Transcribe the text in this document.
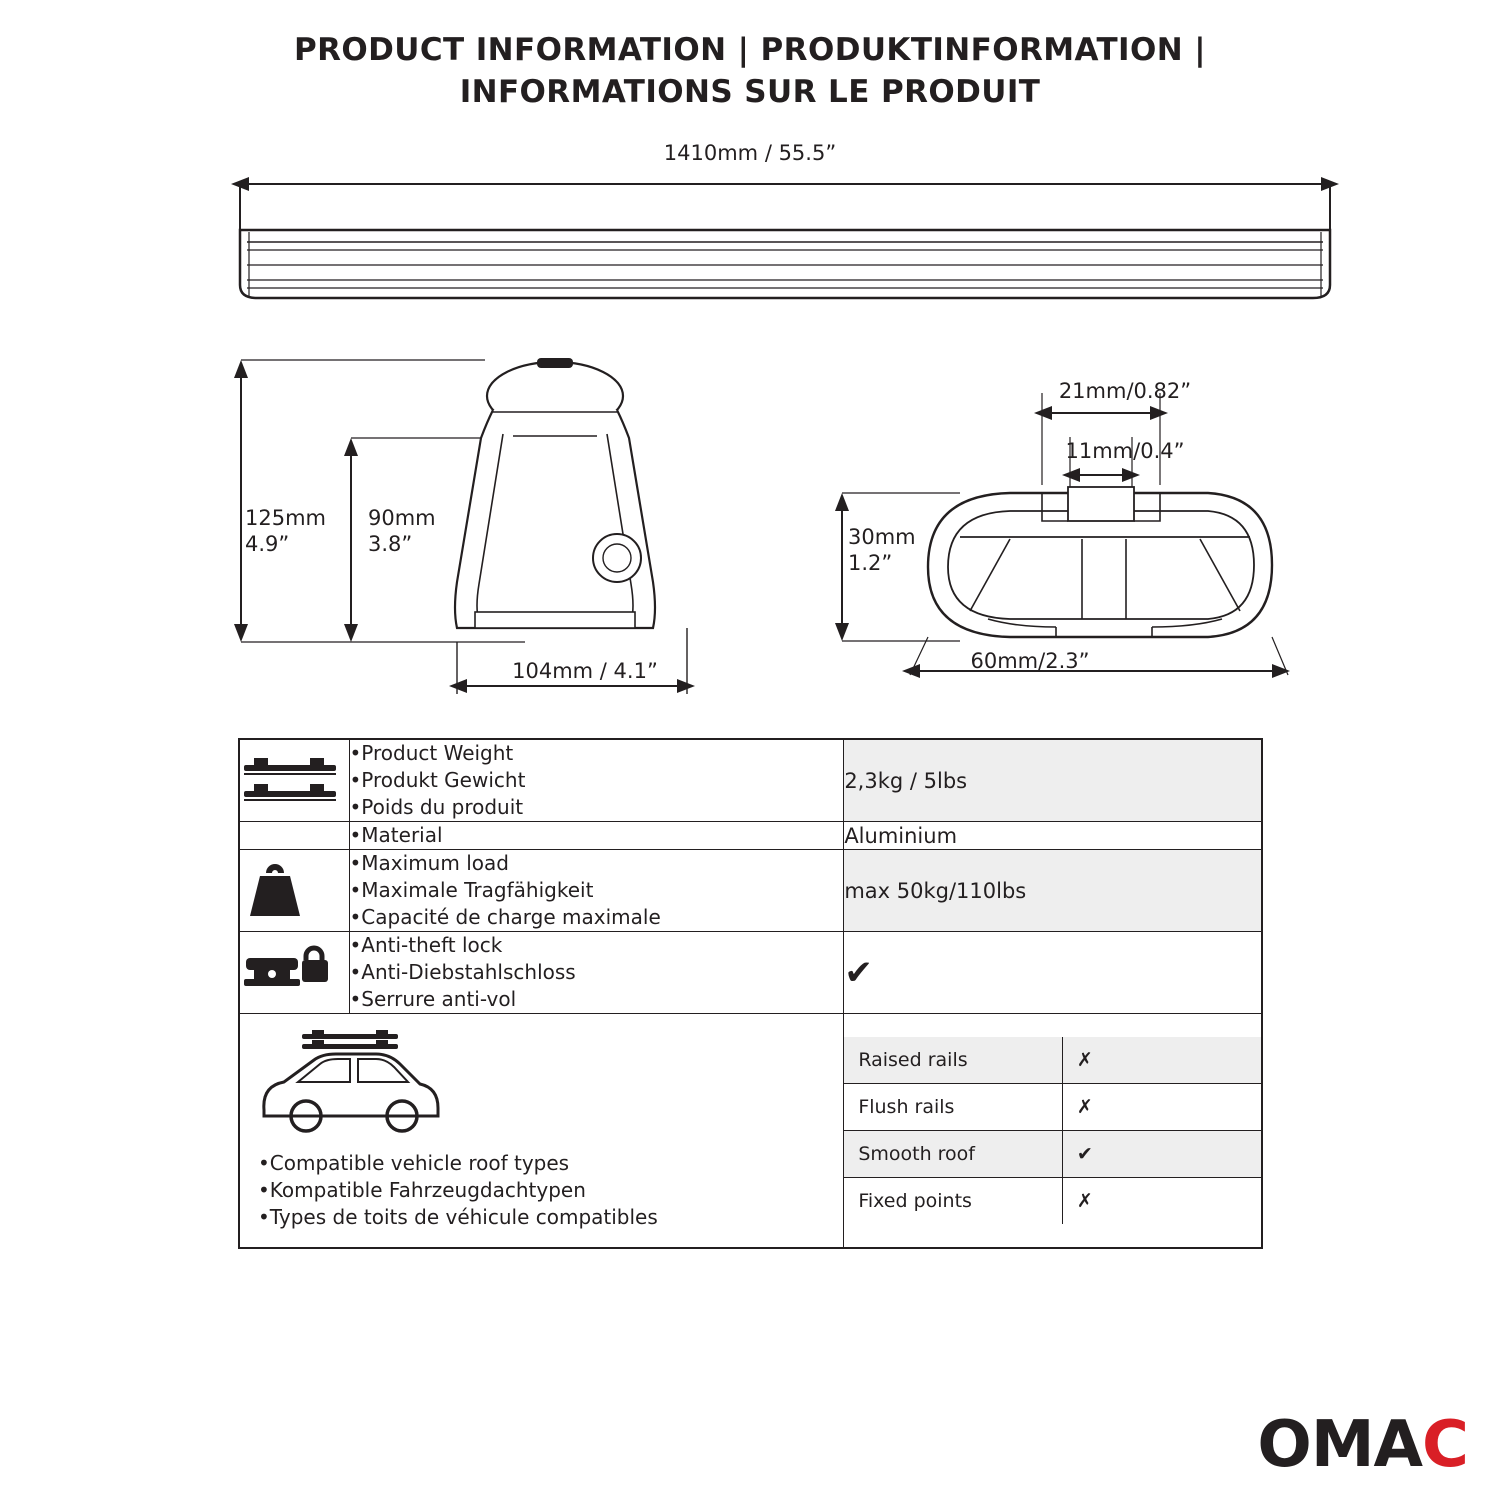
PRODUCT INFORMATION | PRODUKTINFORMATION |
INFORMATIONS SUR LE PRODUIT
1410mm / 55.5”
125mm
4.9”
90mm
3.8”
104mm / 4.1”
21mm/0.82”
11mm/0.4”
30mm
1.2”
60mm/2.3”

•Product Weight
•Produkt Gewicht
•Poids du produit
	2,3kg / 5lbs

•Material	Aluminium

•Maximum load
•Maximale Tragfähigkeit
•Capacité de charge maximale
	max 50kg/110lbs

•Anti-theft lock
•Anti-Diebstahlschloss
•Serrure anti-vol
	✔

•Compatible vehicle roof types
•Kompatible Fahrzeugdachtypen
•Types de toits de véhicule compatibles

Raised rails	✗
Flush rails	✗
Smooth roof	✔
Fixed points	✗
OMA C
